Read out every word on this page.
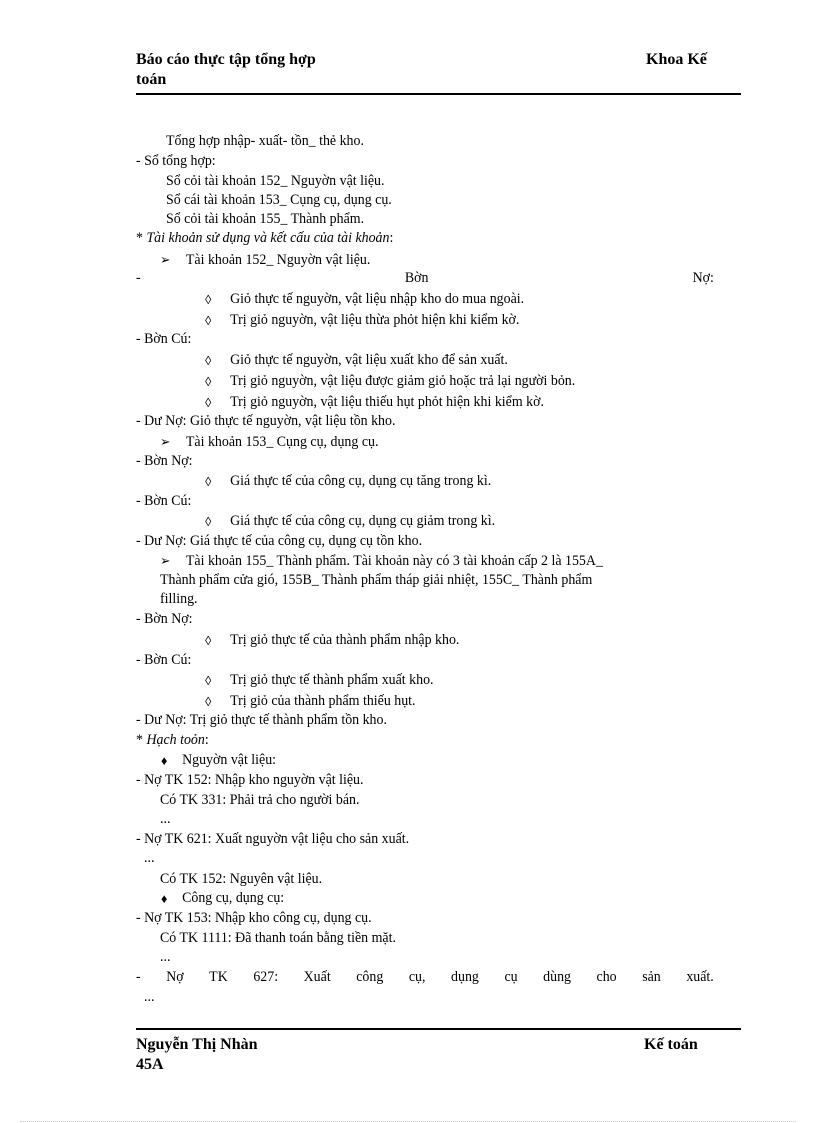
Báo cáo thực tập tổng hợp
toán
Khoa Kế
Tổng hợp nhập- xuất- tồn_ thẻ kho.
- Sổ tổng hợp:
Sổ cỏi tài khoản 152_ Nguyờn vật liệu.
Sổ cái tài khoản 153_ Cụng cụ, dụng cụ.
Sổ cỏi tài khoản 155_ Thành phẩm.
* Tài khoản sử dụng và kết cấu của tài khoản:
➢ Tài khoản 152_ Nguyờn vật liệu.
-	Bờn	Nợ:
◊ Giỏ thực tế nguyờn, vật liệu nhập kho do mua ngoài.
◊ Trị giỏ nguyờn, vật liệu thừa phỏt hiện khi kiểm kờ.
- Bờn Cú:
◊ Giỏ thực tế nguyờn, vật liệu xuất kho để sản xuất.
◊ Trị giỏ nguyờn, vật liệu được giảm giỏ hoặc trả lại người bỏn.
◊ Trị giỏ nguyờn, vật liệu thiếu hụt phỏt hiện khi kiểm kờ.
- Dư Nợ: Giỏ thực tế nguyờn, vật liệu tồn kho.
➢ Tài khoản 153_ Cụng cụ, dụng cụ.
- Bờn Nợ:
◊ Giá thực tế của công cụ, dụng cụ tăng trong kì.
- Bờn Cú:
◊ Giá thực tế của công cụ, dụng cụ giảm trong kì.
- Dư Nợ: Giá thực tế của công cụ, dụng cụ tồn kho.
➢ Tài khoản 155_ Thành phẩm. Tài khoản này có 3 tài khoản cấp 2 là 155A_
Thành phẩm cửa gió, 155B_ Thành phẩm tháp giải nhiệt, 155C_ Thành phẩm
filling.
- Bờn Nợ:
◊ Trị giỏ thực tế của thành phẩm nhập kho.
- Bờn Cú:
◊ Trị giỏ thực tế thành phẩm xuất kho.
◊ Trị giỏ của thành phẩm thiếu hụt.
- Dư Nợ: Trị giỏ thực tế thành phẩm tồn kho.
* Hạch toỏn:
♦ Nguyờn vật liệu:
- Nợ TK 152: Nhập kho nguyờn vật liệu.
Có TK 331: Phải trả cho người bán.
...
- Nợ TK 621: Xuất nguyờn vật liệu cho sản xuất.
...
Có TK 152: Nguyên vật liệu.
♦ Công cụ, dụng cụ:
- Nợ TK 153: Nhập kho công cụ, dụng cụ.
Có TK 1111: Đã thanh toán bằng tiền mặt.
...
- Nợ TK 627: Xuất công cụ, dụng cụ dùng cho sản xuất.
...
Nguyễn Thị Nhàn
45A
Kế toán
